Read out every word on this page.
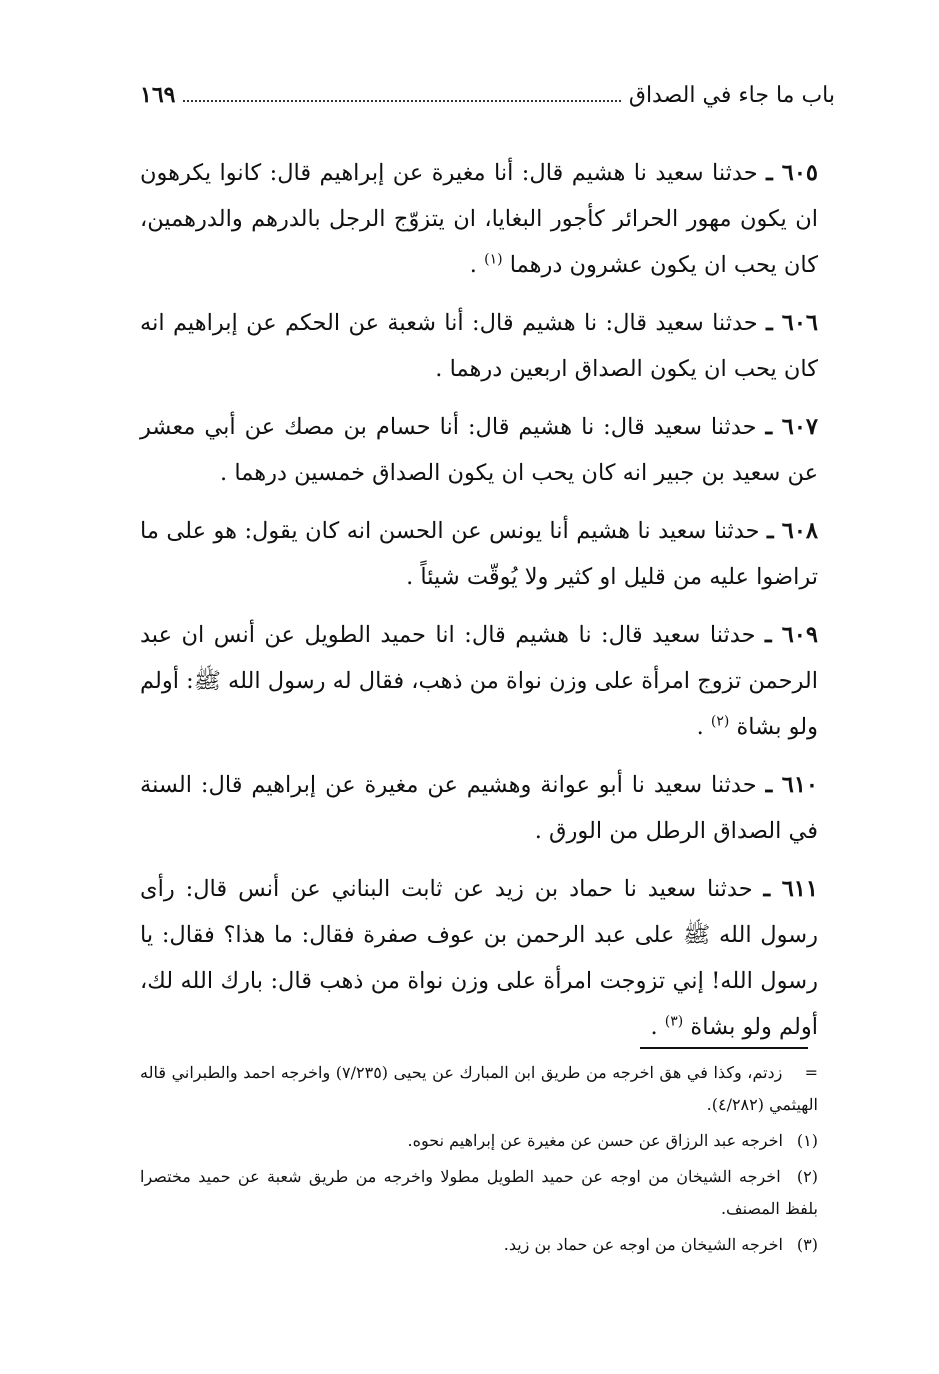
باب ما جاء في الصداق
١٦٩

٦٠٥ ـ حدثنا سعيد نا هشيم قال: أنا مغيرة عن إبراهيم قال: كانوا يكرهون ان يكون مهور الحرائر كأجور البغايا، ان يتزوّج الرجل بالدرهم والدرهمين، كان يحب ان يكون عشرون درهما $^{(١)}$ .

٦٠٦ ـ حدثنا سعيد قال: نا هشيم قال: أنا شعبة عن الحكم عن إبراهيم انه كان يحب ان يكون الصداق اربعين درهما .

٦٠٧ ـ حدثنا سعيد قال: نا هشيم قال: أنا حسام بن مصك عن أبي معشر عن سعيد بن جبير انه كان يحب ان يكون الصداق خمسين درهما .

٦٠٨ ـ حدثنا سعيد نا هشيم أنا يونس عن الحسن انه كان يقول: هو على ما تراضوا عليه من قليل او كثير ولا يُوقّت شيئاً .

٦٠٩ ـ حدثنا سعيد قال: نا هشيم قال: انا حميد الطويل عن أنس ان عبد الرحمن تزوج امرأة على وزن نواة من ذهب، فقال له رسول الله ﷺ: أولم ولو بشاة $^{(٢)}$ .

٦١٠ ـ حدثنا سعيد نا أبو عوانة وهشيم عن مغيرة عن إبراهيم قال: السنة في الصداق الرطل من الورق .

٦١١ ـ حدثنا سعيد نا حماد بن زيد عن ثابت البناني عن أنس قال: رأى رسول الله ﷺ على عبد الرحمن بن عوف صفرة فقال: ما هذا؟ فقال: يا رسول الله! إني تزوجت امرأة على وزن نواة من ذهب قال: بارك الله لك، أولم ولو بشاة $^{(٣)}$ .

= زدتم، وكذا في هق اخرجه من طريق ابن المبارك عن يحيى (٧/٢٣٥) واخرجه احمد والطبراني قاله الهيثمي (٤/٢٨٢).

(١) اخرجه عبد الرزاق عن حسن عن مغيرة عن إبراهيم نحوه.

(٢) اخرجه الشيخان من اوجه عن حميد الطويل مطولا واخرجه من طريق شعبة عن حميد مختصرا بلفظ المصنف.

(٣) اخرجه الشيخان من اوجه عن حماد بن زيد.
